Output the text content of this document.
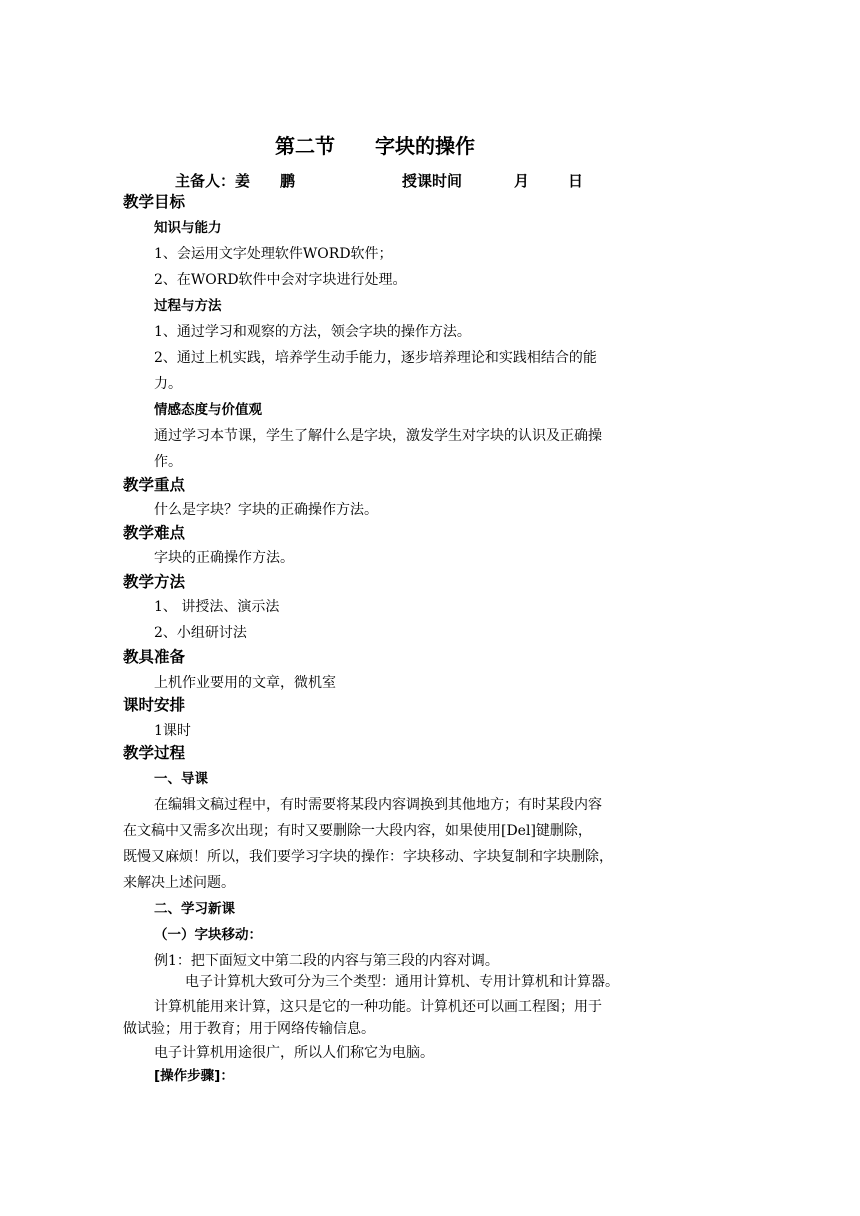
第二节 字块的操作
主备人：姜 鹏	授课时间	月	日
教学目标
知识与能力
1、会运用文字处理软件WORD软件；
2、在WORD软件中会对字块进行处理。
过程与方法
1、通过学习和观察的方法，领会字块的操作方法。
2、通过上机实践，培养学生动手能力，逐步培养理论和实践相结合的能
力。
情感态度与价值观
通过学习本节课，学生了解什么是字块，激发学生对字块的认识及正确操
作。
教学重点
什么是字块？字块的正确操作方法。
教学难点
字块的正确操作方法。
教学方法
1、 讲授法、演示法
2、小组研讨法
教具准备
上机作业要用的文章，微机室
课时安排
1课时
教学过程
一、导课
在编辑文稿过程中，有时需要将某段内容调换到其他地方；有时某段内容
在文稿中又需多次出现；有时又要删除一大段内容，如果使用[Del]键删除，
既慢又麻烦！所以，我们要学习字块的操作：字块移动、字块复制和字块删除，
来解决上述问题。
二、学习新课
（一）字块移动：
例1：把下面短文中第二段的内容与第三段的内容对调。
电子计算机大致可分为三个类型：通用计算机、专用计算机和计算器。
计算机能用来计算，这只是它的一种功能。计算机还可以画工程图；用于
做试验；用于教育；用于网络传输信息。
电子计算机用途很广，所以人们称它为电脑。
[操作步骤]：
